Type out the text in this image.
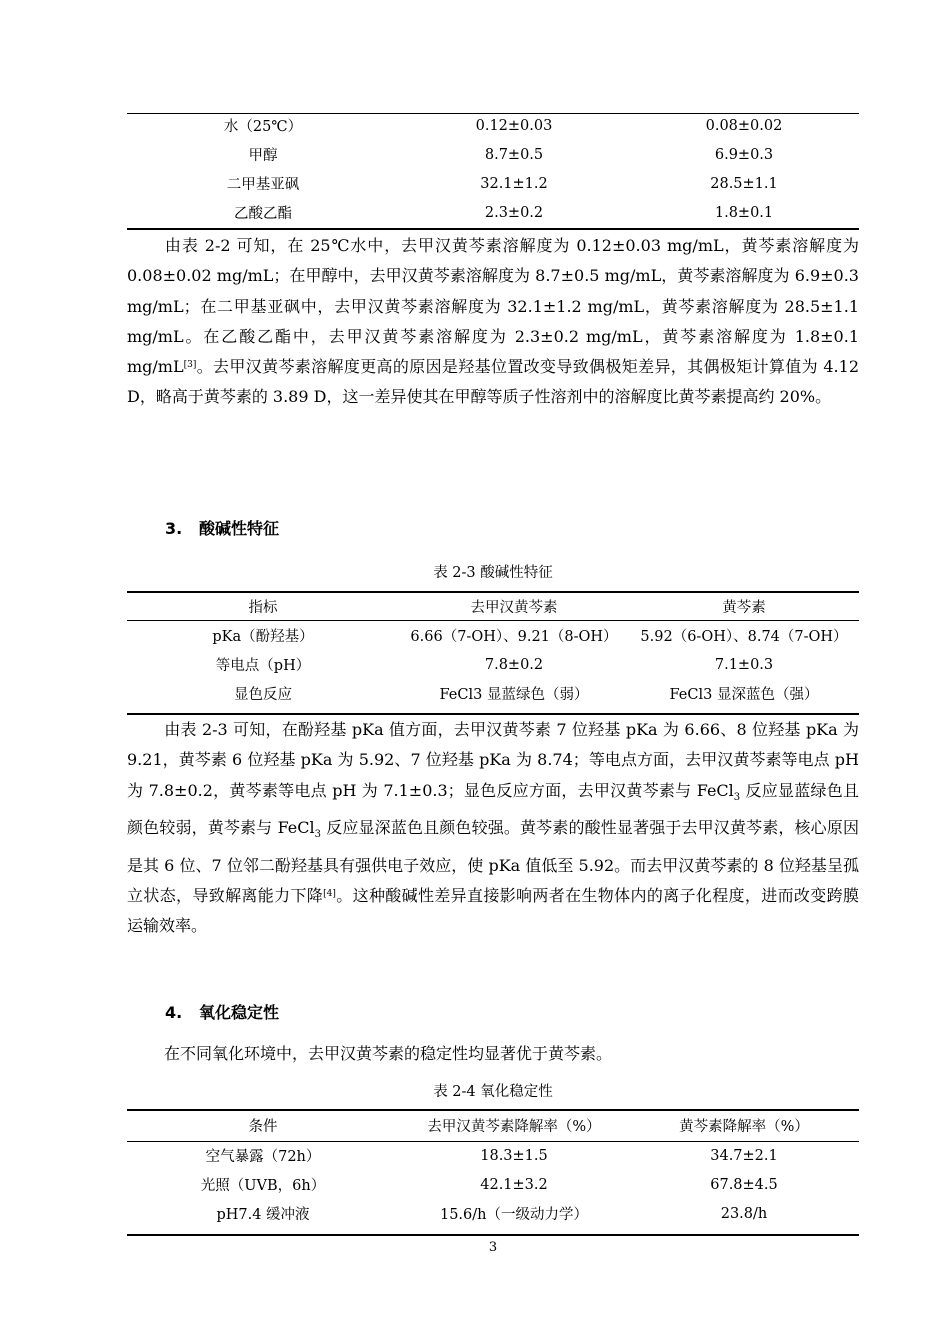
水（25℃）	0.12±0.03	0.08±0.02
甲醇	8.7±0.5	6.9±0.3
二甲基亚砜	32.1±1.2	28.5±1.1
乙酸乙酯	2.3±0.2	1.8±0.1

由表 2-2 可知，在 25℃水中，去甲汉黄芩素溶解度为 0.12±0.03 mg/mL，黄芩素溶解度为 0.08±0.02 mg/mL；在甲醇中，去甲汉黄芩素溶解度为 8.7±0.5 mg/mL，黄芩素溶解度为 6.9±0.3 mg/mL；在二甲基亚砜中，去甲汉黄芩素溶解度为 32.1±1.2 mg/mL，黄芩素溶解度为 28.5±1.1 mg/mL。在乙酸乙酯中，去甲汉黄芩素溶解度为 2.3±0.2 mg/mL，黄芩素溶解度为 1.8±0.1 mg/mL[3]。去甲汉黄芩素溶解度更高的原因是羟基位置改变导致偶极矩差异，其偶极矩计算值为 4.12 D，略高于黄芩素的 3.89 D，这一差异使其在甲醇等质子性溶剂中的溶解度比黄芩素提高约 20%。

3. 酸碱性特征
表 2-3 酸碱性特征
指标	去甲汉黄芩素	黄芩素
pKa（酚羟基）	6.66（7-OH）、9.21（8-OH）	5.92（6-OH）、8.74（7-OH）
等电点（pH）	7.8±0.2	7.1±0.3
显色反应	FeCl3 显蓝绿色（弱）	FeCl3 显深蓝色（强）

由表 2-3 可知，在酚羟基 pKa 值方面，去甲汉黄芩素 7 位羟基 pKa 为 6.66、8 位羟基 pKa 为 9.21，黄芩素 6 位羟基 pKa 为 5.92、7 位羟基 pKa 为 8.74；等电点方面，去甲汉黄芩素等电点 pH 为 7.8±0.2，黄芩素等电点 pH 为 7.1±0.3；显色反应方面，去甲汉黄芩素与 FeCl$_3$ 反应显蓝绿色且颜色较弱，黄芩素与 FeCl$_3$ 反应显深蓝色且颜色较强。黄芩素的酸性显著强于去甲汉黄芩素，核心原因是其 6 位、7 位邻二酚羟基具有强供电子效应，使 pKa 值低至 5.92。而去甲汉黄芩素的 8 位羟基呈孤立状态，导致解离能力下降[4]。这种酸碱性差异直接影响两者在生物体内的离子化程度，进而改变跨膜运输效率。

4. 氧化稳定性

在不同氧化环境中，去甲汉黄芩素的稳定性均显著优于黄芩素。

表 2-4 氧化稳定性
条件	去甲汉黄芩素降解率（%）	黄芩素降解率（%）
空气暴露（72h）	18.3±1.5	34.7±2.1
光照（UVB，6h）	42.1±3.2	67.8±4.5
pH7.4 缓冲液	15.6/h（一级动力学）	23.8/h
3
